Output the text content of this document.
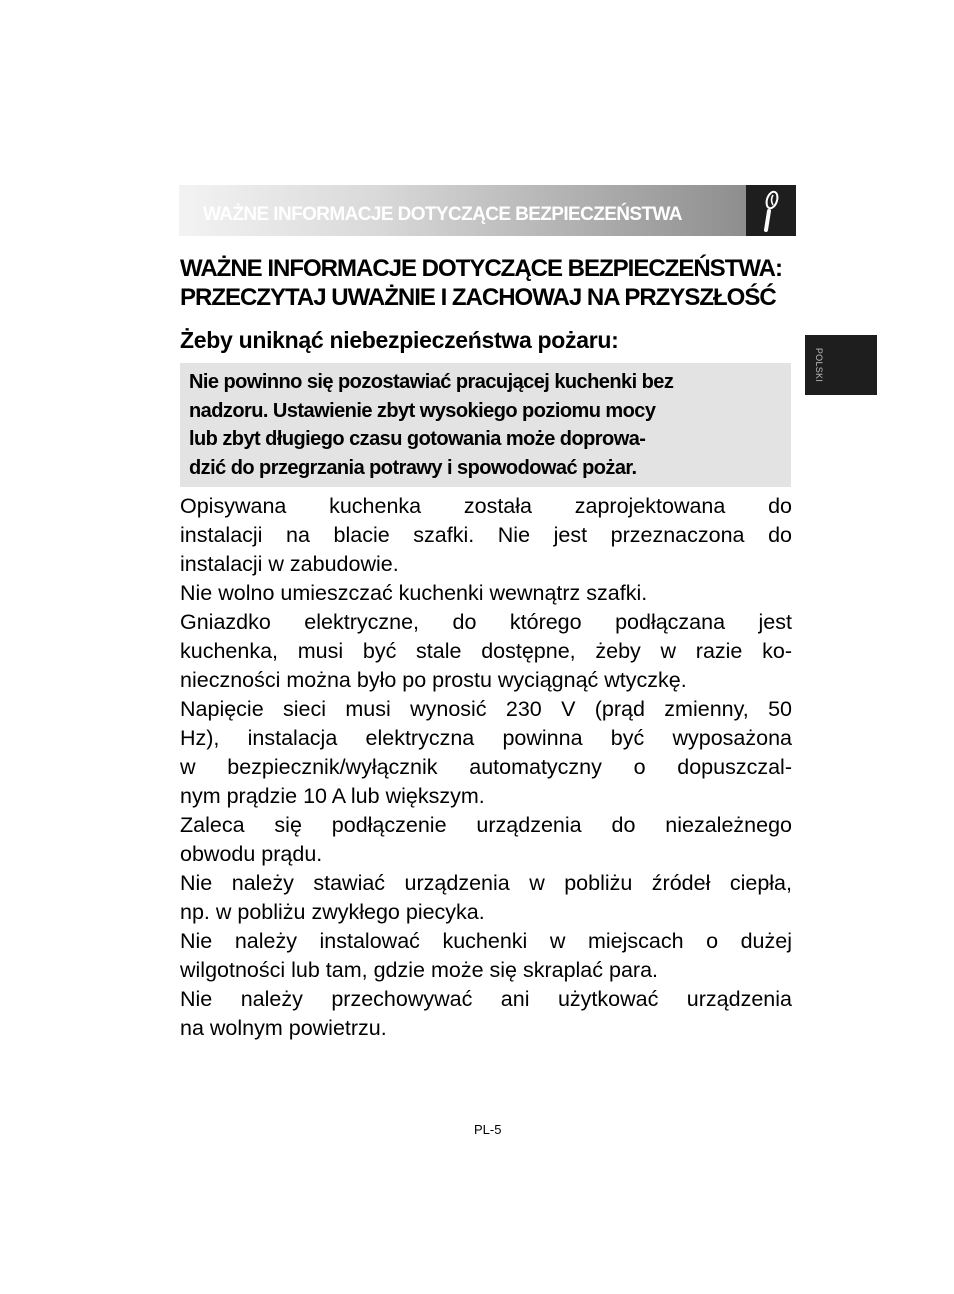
WAŻNE INFORMACJE DOTYCZĄCE BEZPIECZEŃSTWA
POLSKI
WAŻNE INFORMACJE DOTYCZĄCE BEZPIECZEŃSTWA:
PRZECZYTAJ UWAŻNIE I ZACHOWAJ NA PRZYSZŁOŚĆ
Żeby uniknąć niebezpieczeństwa pożaru:

Nie powinno się pozostawiać pracującej kuchenki bez
nadzoru. Ustawienie zbyt wysokiego poziomu mocy
lub zbyt długiego czasu gotowania może doprowa-
dzić do przegrzania potrawy i spowodować pożar.

Opisywana kuchenka została zaprojektowana do
instalacji na blacie szafki. Nie jest przeznaczona do
instalacji w zabudowie.
Nie wolno umieszczać kuchenki wewnątrz szafki.
Gniazdko elektryczne, do którego podłączana jest
kuchenka, musi być stale dostępne, żeby w razie ko-
nieczności można było po prostu wyciągnąć wtyczkę.
Napięcie sieci musi wynosić 230 V (prąd zmienny, 50
Hz), instalacja elektryczna powinna być wyposażona
w bezpiecznik/wyłącznik automatyczny o dopuszczal-
nym prądzie 10 A lub większym.
Zaleca się podłączenie urządzenia do niezależnego
obwodu prądu.
Nie należy stawiać urządzenia w pobliżu źródeł ciepła,
np. w pobliżu zwykłego piecyka.
Nie należy instalować kuchenki w miejscach o dużej
wilgotności lub tam, gdzie może się skraplać para.
Nie należy przechowywać ani użytkować urządzenia
na wolnym powietrzu.
PL-5
